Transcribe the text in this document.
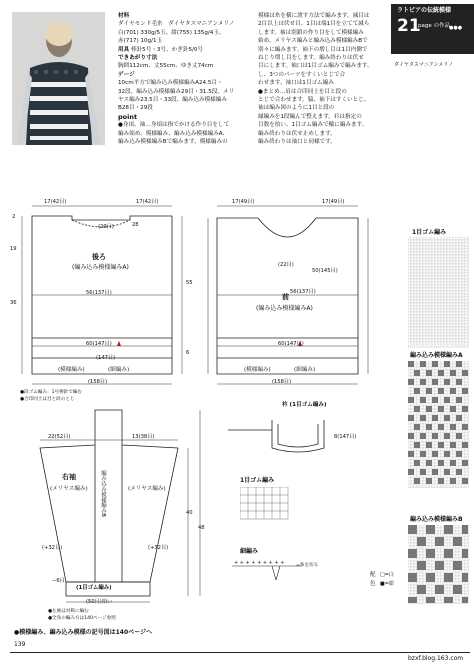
ラトビアの伝統模様
21
page の作品 ●●●
ダイヤタスマニアンメリノ
材料
ダイヤモンド毛糸　ダイヤタスマニアンメリノ
白(701) 330g/5玉、紺(755) 135g/4玉、
赤(717) 10g/1玉
用具 棒針5号・3号、かぎ針5/0号
できあがり寸法
胸囲112cm、丈55cm、ゆき丈74cm
ゲージ
10cm平方で編み込み模様編みA24.5目・
32段、編み込み模様編み29目・31.5段、メリ
ヤス編み23.5目・33段、編み込み模様編み
B28目・29段
point
●身頃、袖…身頃は指でかける作り目をして
編み始め、模様編み、編み込み模様編みA、
編み込み模様編みBで編みます。模様編みの
模様は糸を横に渡す方法で編みます。減目は
2目以上は伏せ目、1目は端1目を立てて減ら
します。袖は別鎖の作り目をして模様編み
始め、メリヤス編みと編み込み模様編みBで
別々に編みます。袖下の増し目は1目内側で
ねじり増し目をします。編み終わりは伏せ
目にします。袖口は1目ゴム編みで編みます。
し、3つのパーツをすくいとじで合
わせます。袖口は1目ゴム編み
●まとめ…肩は合印同士を目と段の
とじで合わせます。脇、袖下はすくいとじ、
袖は編み図のように1目と段の
縁編みを1段編んで整えます。衿は指定の
目数を拾い、1目ゴム編みで輪に編みます。
編み終わりは伏せ止めします。
編み終わりは袖口と同様です。
17(42目)	17(42目)
(29目)
後ろ
(編み込み模様編みA)
56(137目)
60(147目)
(147目)
(模様編み)	(細編み)
(158目)
17(49目)	17(49目)
(22目)
50(145目)
前
(編み込み模様編みA)
56(137目)
60(147目)
(模様編み)	(細編み)
(158目)
2
19
36
55
28
6
●段ゴム編み：1号棒針で編む
●合印同士は目と段のとじ
22(52目)	13(38目)
右袖
(メリヤス編み)	(メリヤス編み)
編み込み模様編みB
(+32目)	(+32目)
40
48
−6目
(1目ゴム編み)
(50目)拾い
●左袖は対称に編む
●全身の編み方は140ページ参照
衿 (1目ゴム編み)
8(147目)
1目ゴム編み
細編み
+ + + + + + + + +	=糸を切る
1目ゴム編み
編み込み模様編みA
編み込み模様編みB
配
色
□=白
■=紺
●模様編み、編み込み模様の記号図は140ページへ
139
bzxf.blog.163.com
